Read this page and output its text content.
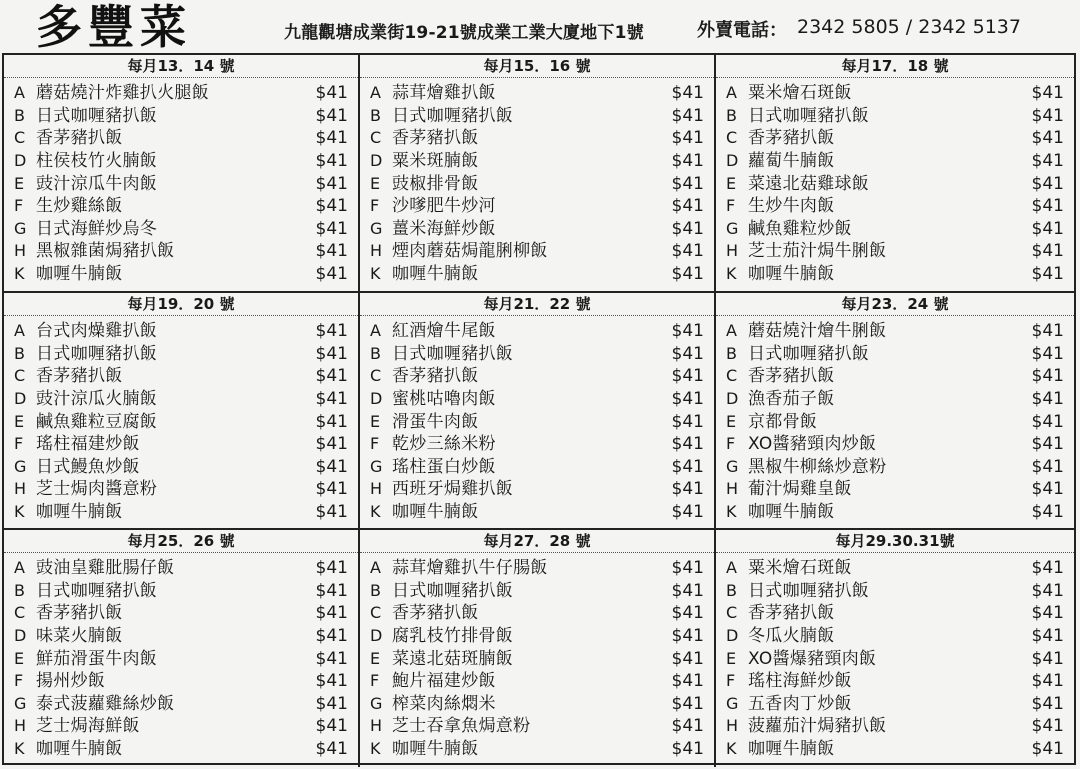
多豐菜	九龍觀塘成業街19-21號成業工業大廈地下1號	外賣電話： 2342 5805 / 2342 5137
每月13．14 號
A 蘑菇燒汁炸雞扒火腿飯	$41
B 日式咖喱豬扒飯	$41
C 香茅豬扒飯	$41
D 柱侯枝竹火腩飯	$41
E 豉汁涼瓜牛肉飯	$41
F 生炒雞絲飯	$41
G 日式海鮮炒烏冬	$41
H 黑椒雜菌焗豬扒飯	$41
K 咖喱牛腩飯	$41
每月15．16 號
A 蒜茸燴雞扒飯	$41
B 日式咖喱豬扒飯	$41
C 香茅豬扒飯	$41
D 粟米斑腩飯	$41
E 豉椒排骨飯	$41
F 沙嗲肥牛炒河	$41
G 薑米海鮮炒飯	$41
H 煙肉蘑菇焗龍脷柳飯	$41
K 咖喱牛腩飯	$41
每月17．18 號
A 粟米燴石斑飯	$41
B 日式咖喱豬扒飯	$41
C 香茅豬扒飯	$41
D 蘿蔔牛腩飯	$41
E 菜遠北菇雞球飯	$41
F 生炒牛肉飯	$41
G 鹹魚雞粒炒飯	$41
H 芝士茄汁焗牛脷飯	$41
K 咖喱牛腩飯	$41
每月19．20 號
A 台式肉燥雞扒飯	$41
B 日式咖喱豬扒飯	$41
C 香茅豬扒飯	$41
D 豉汁涼瓜火腩飯	$41
E 鹹魚雞粒豆腐飯	$41
F 瑤柱福建炒飯	$41
G 日式鰻魚炒飯	$41
H 芝士焗肉醬意粉	$41
K 咖喱牛腩飯	$41
每月21．22 號
A 紅酒燴牛尾飯	$41
B 日式咖喱豬扒飯	$41
C 香茅豬扒飯	$41
D 蜜桃咕嚕肉飯	$41
E 滑蛋牛肉飯	$41
F 乾炒三絲米粉	$41
G 瑤柱蛋白炒飯	$41
H 西班牙焗雞扒飯	$41
K 咖喱牛腩飯	$41
每月23．24 號
A 蘑菇燒汁燴牛脷飯	$41
B 日式咖喱豬扒飯	$41
C 香茅豬扒飯	$41
D 漁香茄子飯	$41
E 京都骨飯	$41
F XO醬豬頸肉炒飯	$41
G 黑椒牛柳絲炒意粉	$41
H 葡汁焗雞皇飯	$41
K 咖喱牛腩飯	$41
每月25．26 號
A 豉油皇雞肶腸仔飯	$41
B 日式咖喱豬扒飯	$41
C 香茅豬扒飯	$41
D 味菜火腩飯	$41
E 鮮茄滑蛋牛肉飯	$41
F 揚州炒飯	$41
G 泰式菠蘿雞絲炒飯	$41
H 芝士焗海鮮飯	$41
K 咖喱牛腩飯	$41
每月27．28 號
A 蒜茸燴雞扒牛仔腸飯	$41
B 日式咖喱豬扒飯	$41
C 香茅豬扒飯	$41
D 腐乳枝竹排骨飯	$41
E 菜遠北菇斑腩飯	$41
F 鮑片福建炒飯	$41
G 榨菜肉絲燜米	$41
H 芝士吞拿魚焗意粉	$41
K 咖喱牛腩飯	$41
每月29.30.31號
A 粟米燴石斑飯	$41
B 日式咖喱豬扒飯	$41
C 香茅豬扒飯	$41
D 冬瓜火腩飯	$41
E XO醬爆豬頸肉飯	$41
F 瑤柱海鮮炒飯	$41
G 五香肉丁炒飯	$41
H 菠蘿茄汁焗豬扒飯	$41
K 咖喱牛腩飯	$41
